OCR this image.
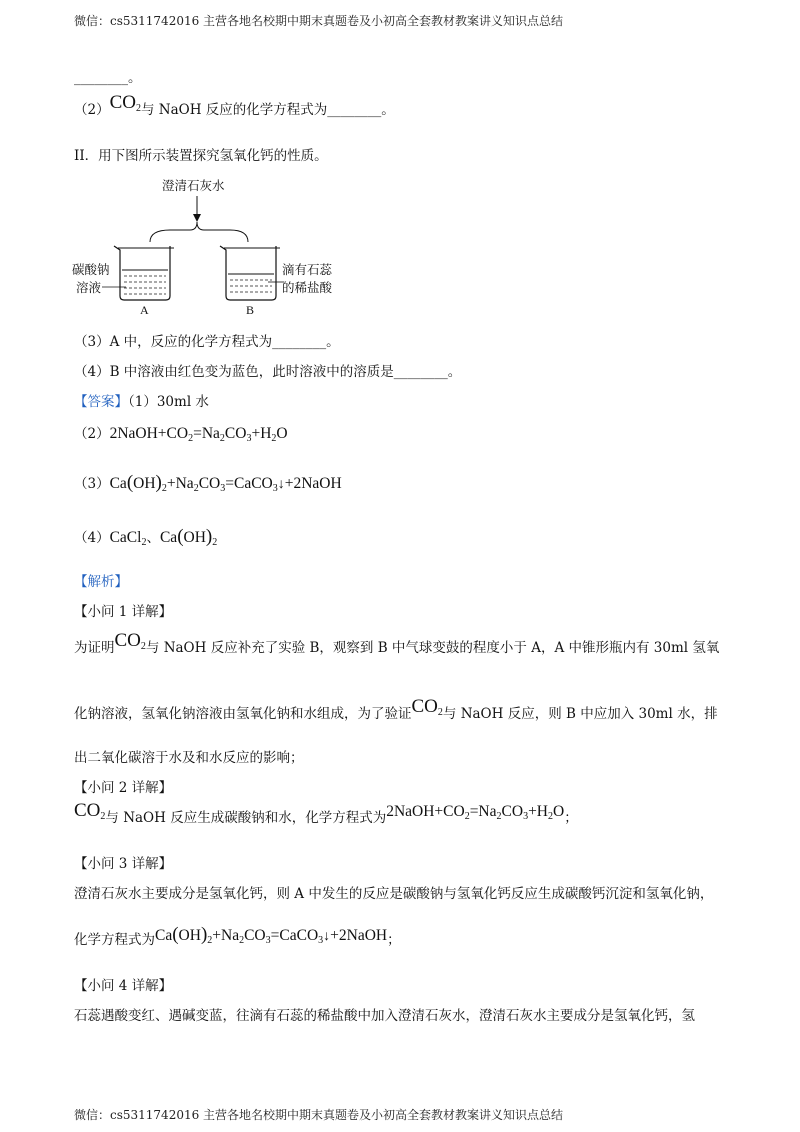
微信：cs5311742016 主营各地名校期中期末真题卷及小初高全套教材教案讲义知识点总结
________。
$(2)CO_2$与 NaOH 反应的化学方程式为________。
II．用下图所示装置探究氢氧化钙的性质。
澄清石灰水
碳酸钠
溶液
滴有石蕊
的稀盐酸
A	B
（3）A 中，反应的化学方程式为________。
（4）B 中溶液由红色变为蓝色，此时溶液中的溶质是________。
【答案】（1）30ml 水
$(2)2NaOH+CO_2=Na_2CO_3+H_2O$
$(3)Ca(OH)_2+Na_2CO_3=CaCO_3↓+2NaOH$
（4）CaCl$_2$、$Ca(OH)_2$
【解析】
【小问 1 详解】
为证明$CO_2$与 NaOH 反应补充了实验 B，观察到 B 中气球变鼓的程度小于 A，A 中锥形瓶内有 30ml 氢氧
化钠溶液，氢氧化钠溶液由氢氧化钠和水组成，为了验证$CO_2$与 NaOH 反应，则 B 中应加入 30ml 水，排
出二氧化碳溶于水及和水反应的影响；
【小问 2 详解】
$CO_2$与 NaOH 反应生成碳酸钠和水，化学方程式为$2NaOH+CO_2=Na_2CO_3+H_2O$；
【小问 3 详解】
澄清石灰水主要成分是氢氧化钙，则 A 中发生的反应是碳酸钠与氢氧化钙反应生成碳酸钙沉淀和氢氧化钠，
化学方程式为$Ca(OH)_2+Na_2CO_3=CaCO_3↓+2NaOH$；
【小问 4 详解】
石蕊遇酸变红、遇碱变蓝，往滴有石蕊的稀盐酸中加入澄清石灰水，澄清石灰水主要成分是氢氧化钙，氢
微信：cs5311742016 主营各地名校期中期末真题卷及小初高全套教材教案讲义知识点总结
